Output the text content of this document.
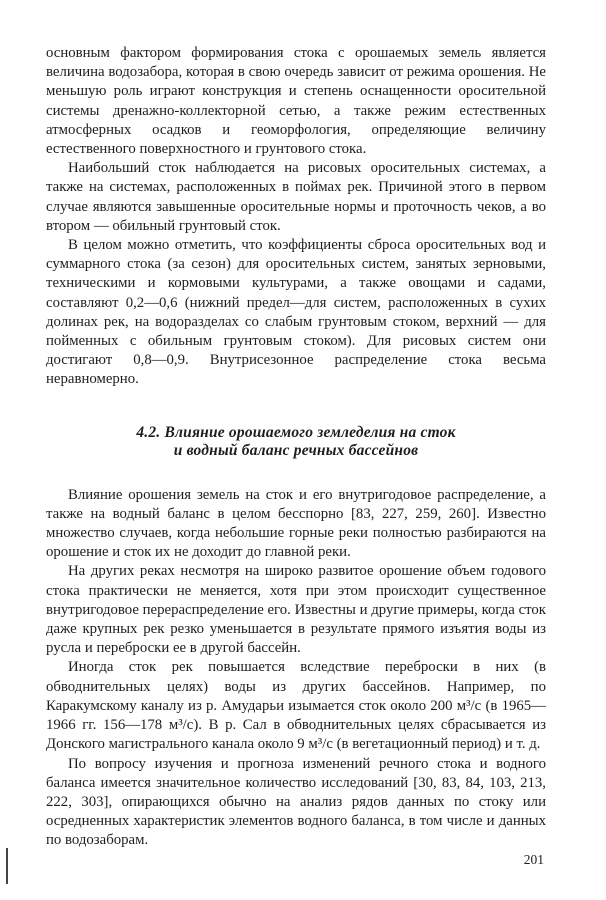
основным фактором формирования стока с орошаемых земель является величина водозабора, которая в свою очередь зависит от режима орошения. Не меньшую роль играют конструкция и степень оснащенности оросительной системы дренажно-коллекторной сетью, а также режим естественных атмосферных осадков и геоморфология, определяющие величину естественного поверхностного и грунтового стока.

Наибольший сток наблюдается на рисовых оросительных системах, а также на системах, расположенных в поймах рек. Причиной этого в первом случае являются завышенные оросительные нормы и проточность чеков, а во втором — обильный грунтовый сток.

В целом можно отметить, что коэффициенты сброса оросительных вод и суммарного стока (за сезон) для оросительных систем, занятых зерновыми, техническими и кормовыми культурами, а также овощами и садами, составляют 0,2—0,6 (нижний предел—для систем, расположенных в сухих долинах рек, на водоразделах со слабым грунтовым стоком, верхний — для пойменных с обильным грунтовым стоком). Для рисовых систем они достигают 0,8—0,9. Внутрисезонное распределение стока весьма неравномерно.

4.2. Влияние орошаемого земледелия на сток
и водный баланс речных бассейнов

Влияние орошения земель на сток и его внутригодовое распределение, а также на водный баланс в целом бесспорно [83, 227, 259, 260]. Известно множество случаев, когда небольшие горные реки полностью разбираются на орошение и сток их не доходит до главной реки.

На других реках несмотря на широко развитое орошение объем годового стока практически не меняется, хотя при этом происходит существенное внутригодовое перераспределение его. Известны и другие примеры, когда сток даже крупных рек резко уменьшается в результате прямого изъятия воды из русла и переброски ее в другой бассейн.

Иногда сток рек повышается вследствие переброски в них (в обводнительных целях) воды из других бассейнов. Например, по Каракумскому каналу из р. Амударьи изымается сток около 200 м³/с (в 1965—1966 гг. 156—178 м³/с). В р. Сал в обводнительных целях сбрасывается из Донского магистрального канала около 9 м³/с (в вегетационный период) и т. д.

По вопросу изучения и прогноза изменений речного стока и водного баланса имеется значительное количество исследований [30, 83, 84, 103, 213, 222, 303], опирающихся обычно на анализ рядов данных по стоку или осредненных характеристик элементов водного баланса, в том числе и данных по водозаборам.

201
